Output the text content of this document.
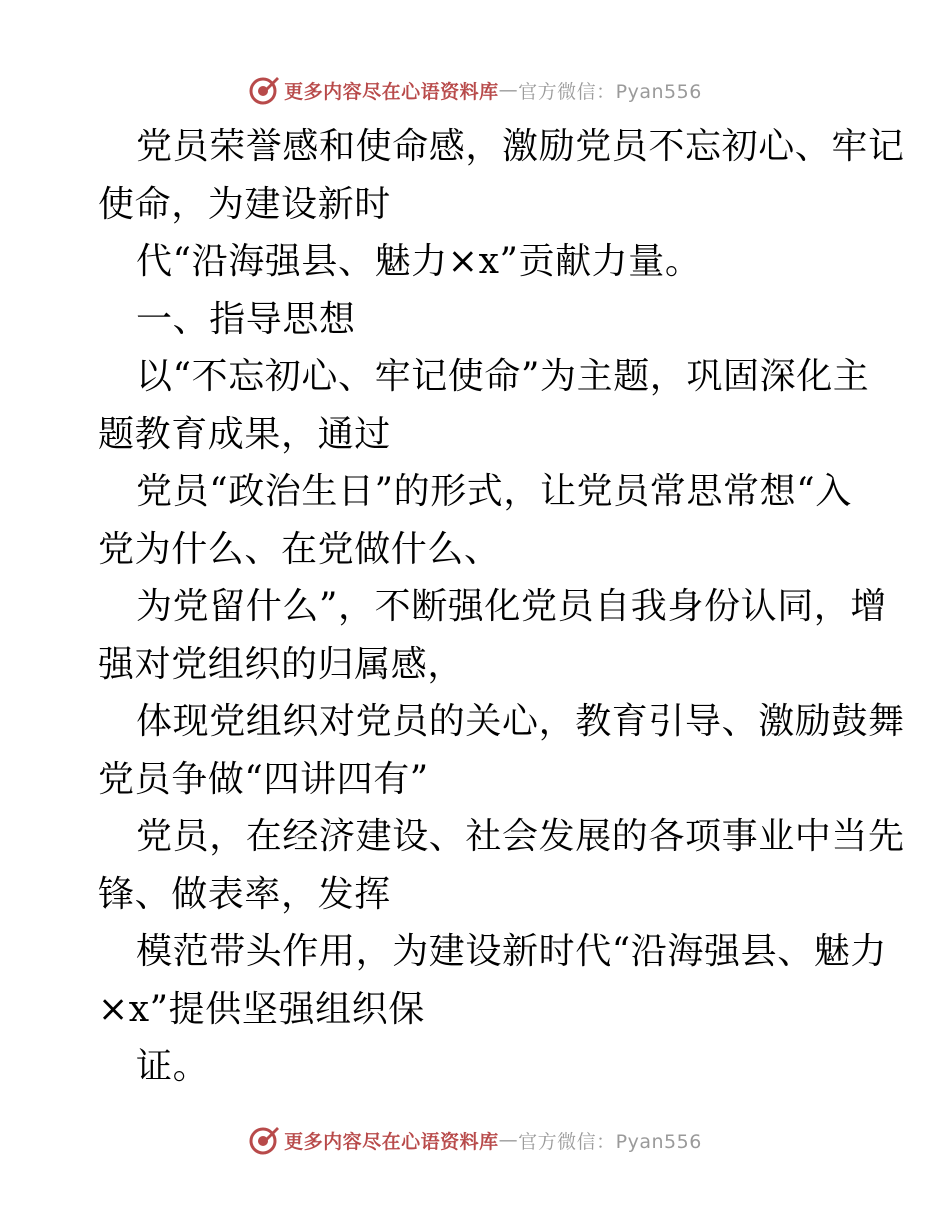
更多内容尽在心语资料库 — 官方微信：Pyan556
党员荣誉感和使命感，激励党员不忘初心、牢记
使命，为建设新时
代“沿海强县、魅力×x”贡献力量。
一、指导思想
以“不忘初心、牢记使命”为主题，巩固深化主
题教育成果，通过
党员“政治生日”的形式，让党员常思常想“入
党为什么、在党做什么、
为党留什么”，不断强化党员自我身份认同，增
强对党组织的归属感，
体现党组织对党员的关心，教育引导、激励鼓舞
党员争做“四讲四有”
党员，在经济建设、社会发展的各项事业中当先
锋、做表率，发挥
模范带头作用，为建设新时代“沿海强县、魅力
×x”提供坚强组织保
证。
更多内容尽在心语资料库 — 官方微信：Pyan556
